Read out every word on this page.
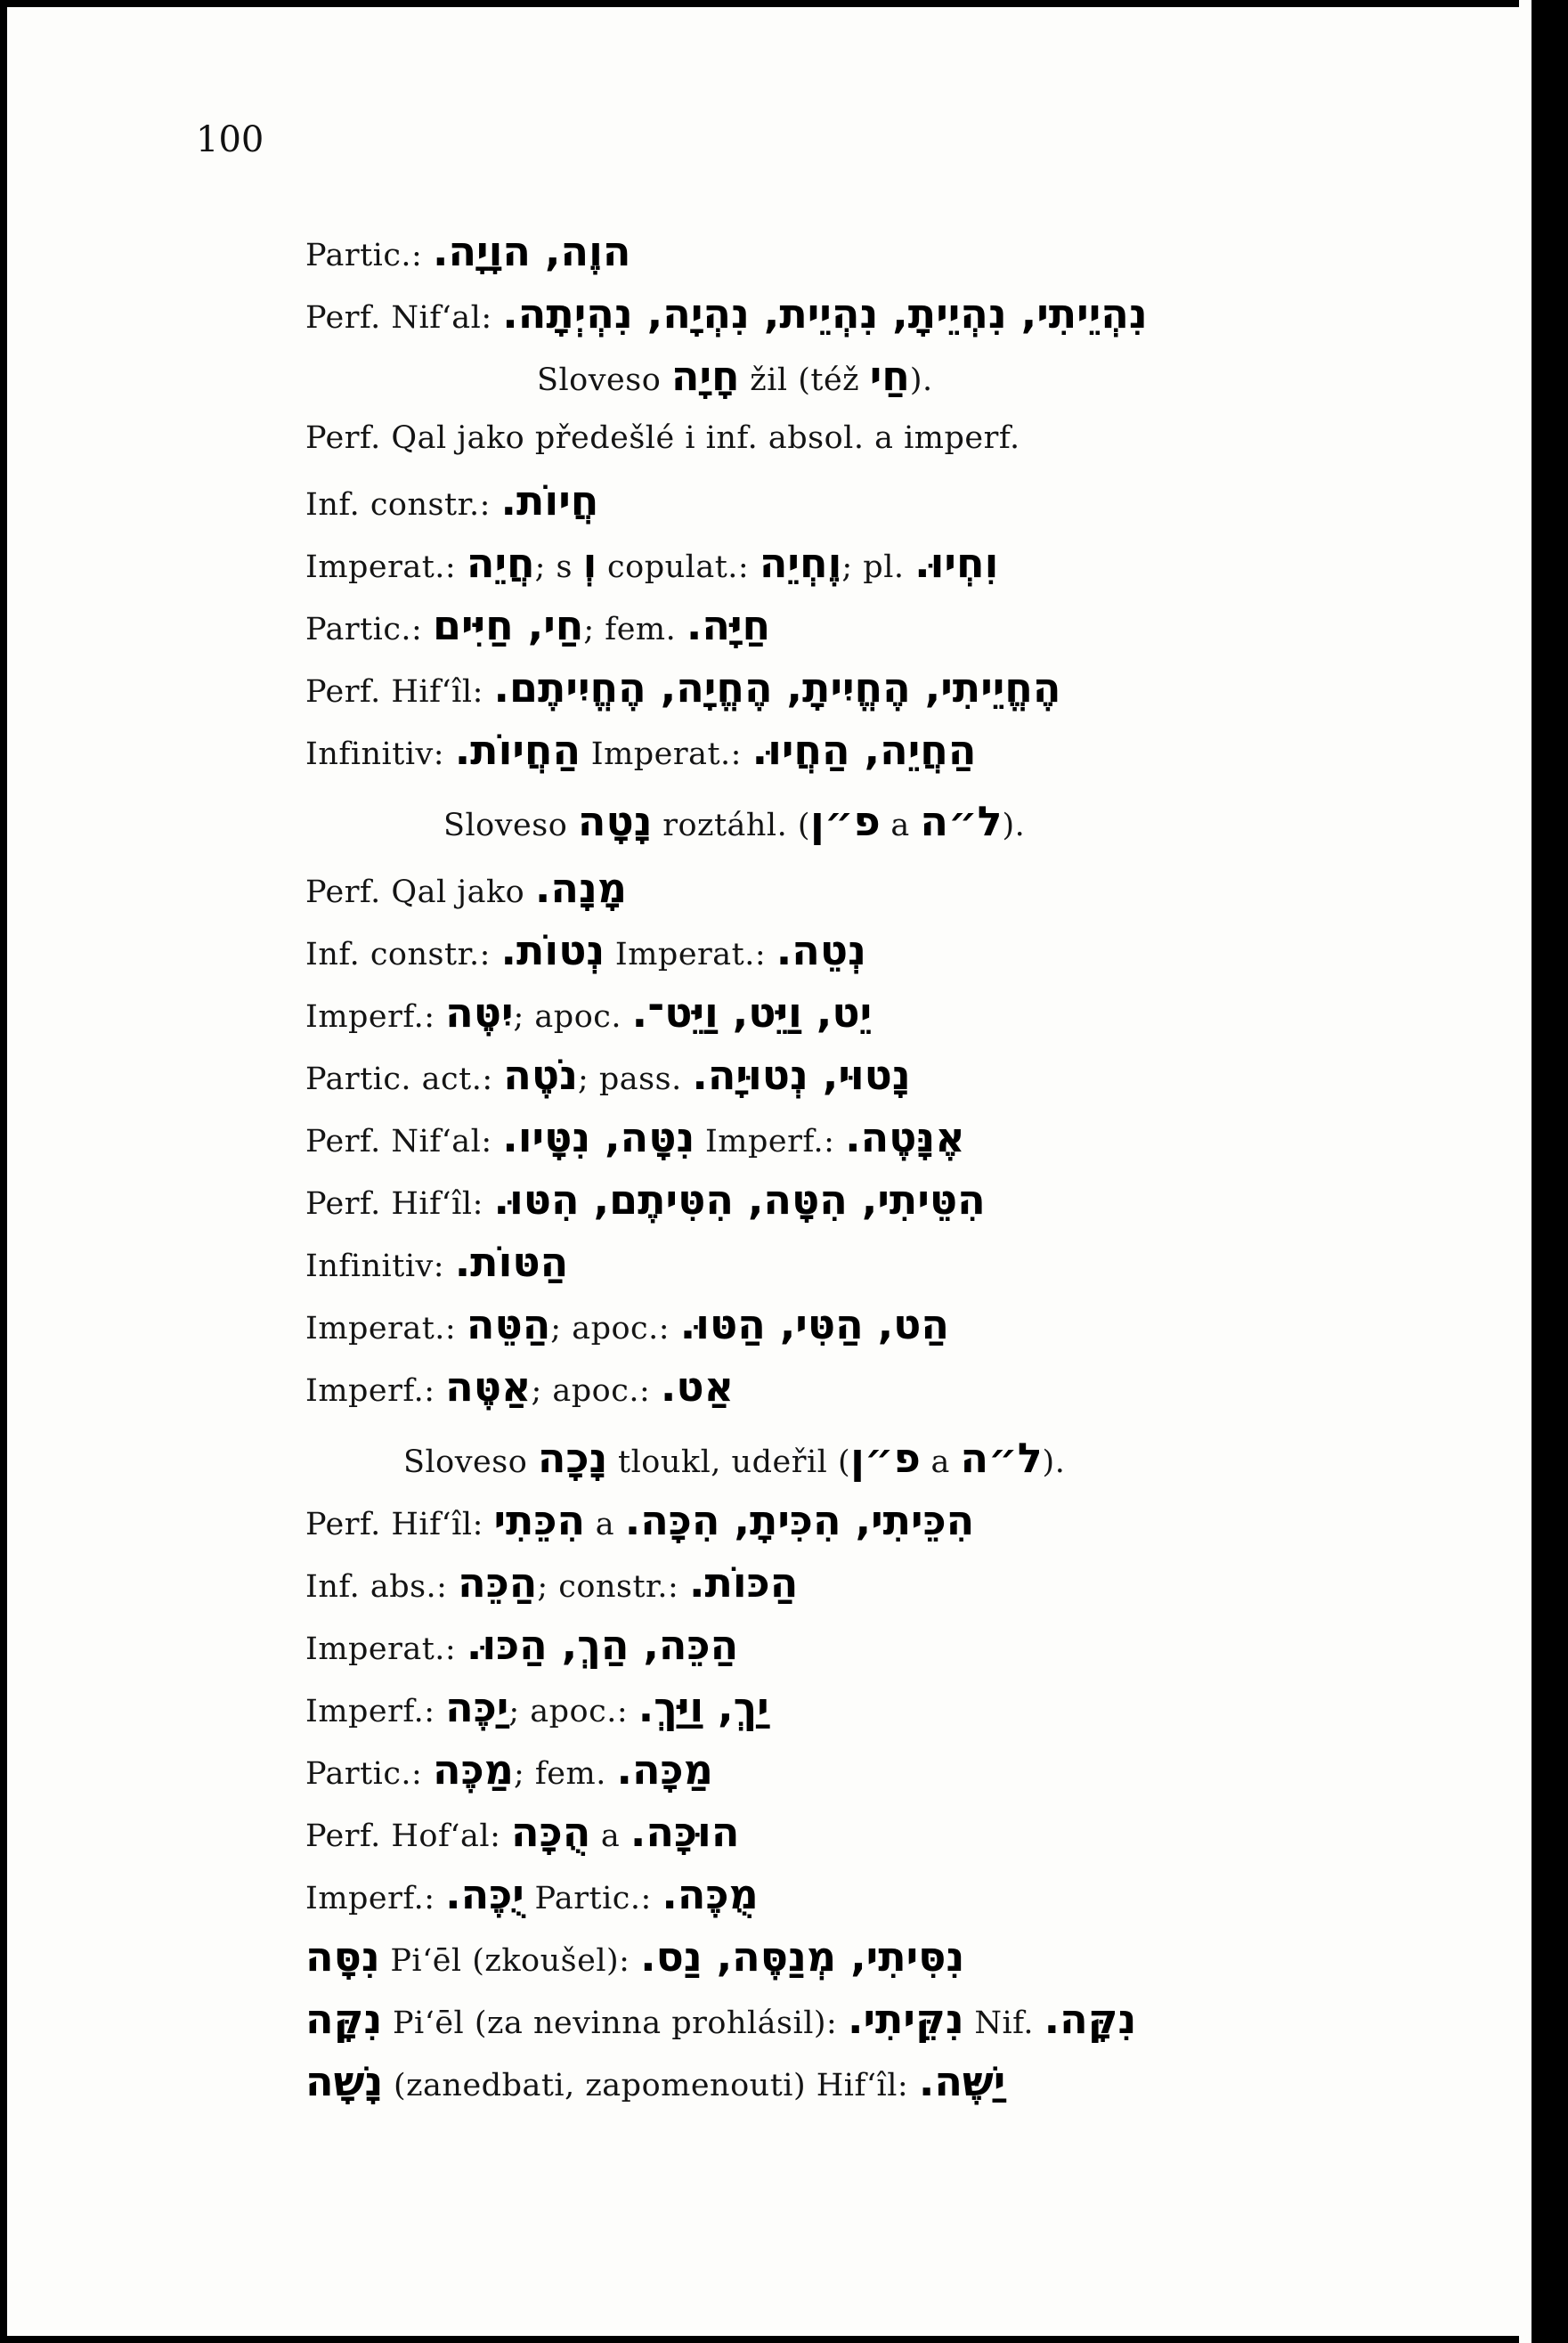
100
Partic.: הוֶה, הוָיָה.
Perf. Nif‘al: נִהְיֵיתִי, נִהְיֵיתָ, נִהְיֵית, נִהְיָה, נִהְיְתָה.
Sloveso חָיָה žil (též חַי).
Perf. Qal jako předešlé i inf. absol. a imperf.
Inf. constr.: חֲיוֹת.
Imperat.: חֲיֵה; s וְ copulat.: וֶחְיֵה; pl. וִחְיוּ.
Partic.: חַי, חַיִּים; fem. חַיָּה.
Perf. Hif‘îl: הֶחֱיֵיתִי, הֶחֱיִיתָ, הֶחֱיָה, הֶחֱיִיתֶם.
Infinitiv: הַחֲיוֹת. Imperat.: הַחֲיֵה, הַחֲיוּ.
Sloveso נָטָה roztáhl. (פ״ן a ל״ה).
Perf. Qal jako מָנָה.
Inf. constr.: נְטוֹת. Imperat.: נְטֵה.
Imperf.: יִטֶּה; apoc. יֵט, וַיֵּט, וַיֵּט־.
Partic. act.: נֹטֶה; pass. נָטוּי, נְטוּיָה.
Perf. Nif‘al: נִטָּה, נִטָּיו. Imperf.: אֶנָּטֶה.
Perf. Hif‘îl: הִטֵּיתִי, הִטָּה, הִטִּיתֶם, הִטּוּ.
Infinitiv: הַטּוֹת.
Imperat.: הַטֵּה; apoc.: הַט, הַטִּי, הַטּוּ.
Imperf.: אַטֶּה; apoc.: אַט.
Sloveso נָכָה tloukl, udeřil (פ״ן a ל״ה).
Perf. Hif‘îl: הִכֵּתִי a הִכֵּיתִי, הִכִּיתָ, הִכָּה.
Inf. abs.: הַכֵּה; constr.: הַכּוֹת.
Imperat.: הַכֵּה, הַךְ, הַכּוּ.
Imperf.: יַכֶּה; apoc.: יַךְ, וַיַּךְ.
Partic.: מַכֶּה; fem. מַכָּה.
Perf. Hof‘al: הֻכָּה a הוּכָּה.
Imperf.: יֻכֶּה. Partic.: מֻכֶּה.
נִסָּה Pi‘ēl (zkoušel): נִסִּיתִי, מְנַסֶּה, נַס.
נִקָּה Pi‘ēl (za nevinna prohlásil): נִקֵּיתִי. Nif. נִקָּה.
נָשָׁה (zanedbati, zapomenouti) Hif‘îl: יַשֶּׁה.
